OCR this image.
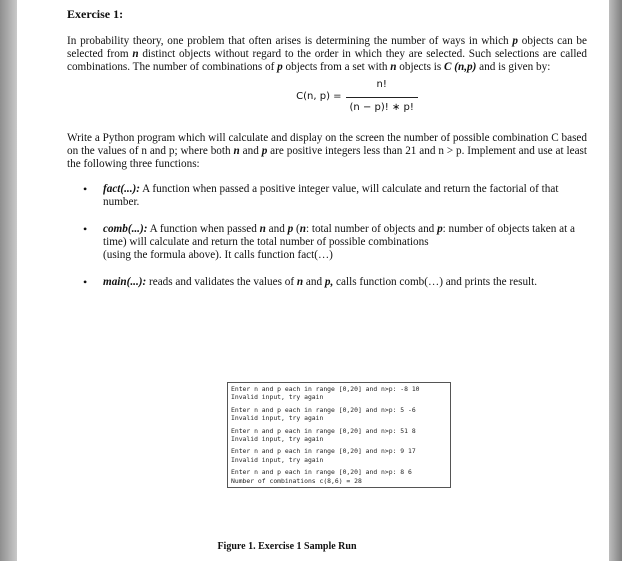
Exercise 1:

In probability theory, one problem that often arises is determining the number of ways in which p objects can be selected from n distinct objects without regard to the order in which they are selected. Such selections are called combinations. The number of combinations of p objects from a set with n objects is C (n,p) and is given by:

C(n, $p) = \frac{n!}{(n - p)! ∗ p!}$

Write a Python program which will calculate and display on the screen the number of possible combination C based on the values of n and p; where both n and p are positive integers less than 21 and n > p. Implement and use at least the following three functions:

• fact(...): A function when passed a positive integer value, will calculate and return the factorial of that number.
• comb(...): A function when passed n and p (n: total number of objects and p: number of objects taken at a time) will calculate and return the total number of possible combinations
(using the formula above). It calls function fact(…)
• main(...): reads and validates the values of n and p, calls function comb(…) and prints the result.
Enter n and p each in range [0,20] and n>p: -8 10
Invalid input, try again
Enter n and p each in range [0,20] and n>p: 5 -6
Invalid input, try again
Enter n and p each in range [0,20] and n>p: 51 8
Invalid input, try again
Enter n and p each in range [0,20] and n>p: 9 17
Invalid input, try again
Enter n and p each in range [0,20] and n>p: 8 6
Number of combinations c(8,6) = 28
Figure 1. Exercise 1 Sample Run
